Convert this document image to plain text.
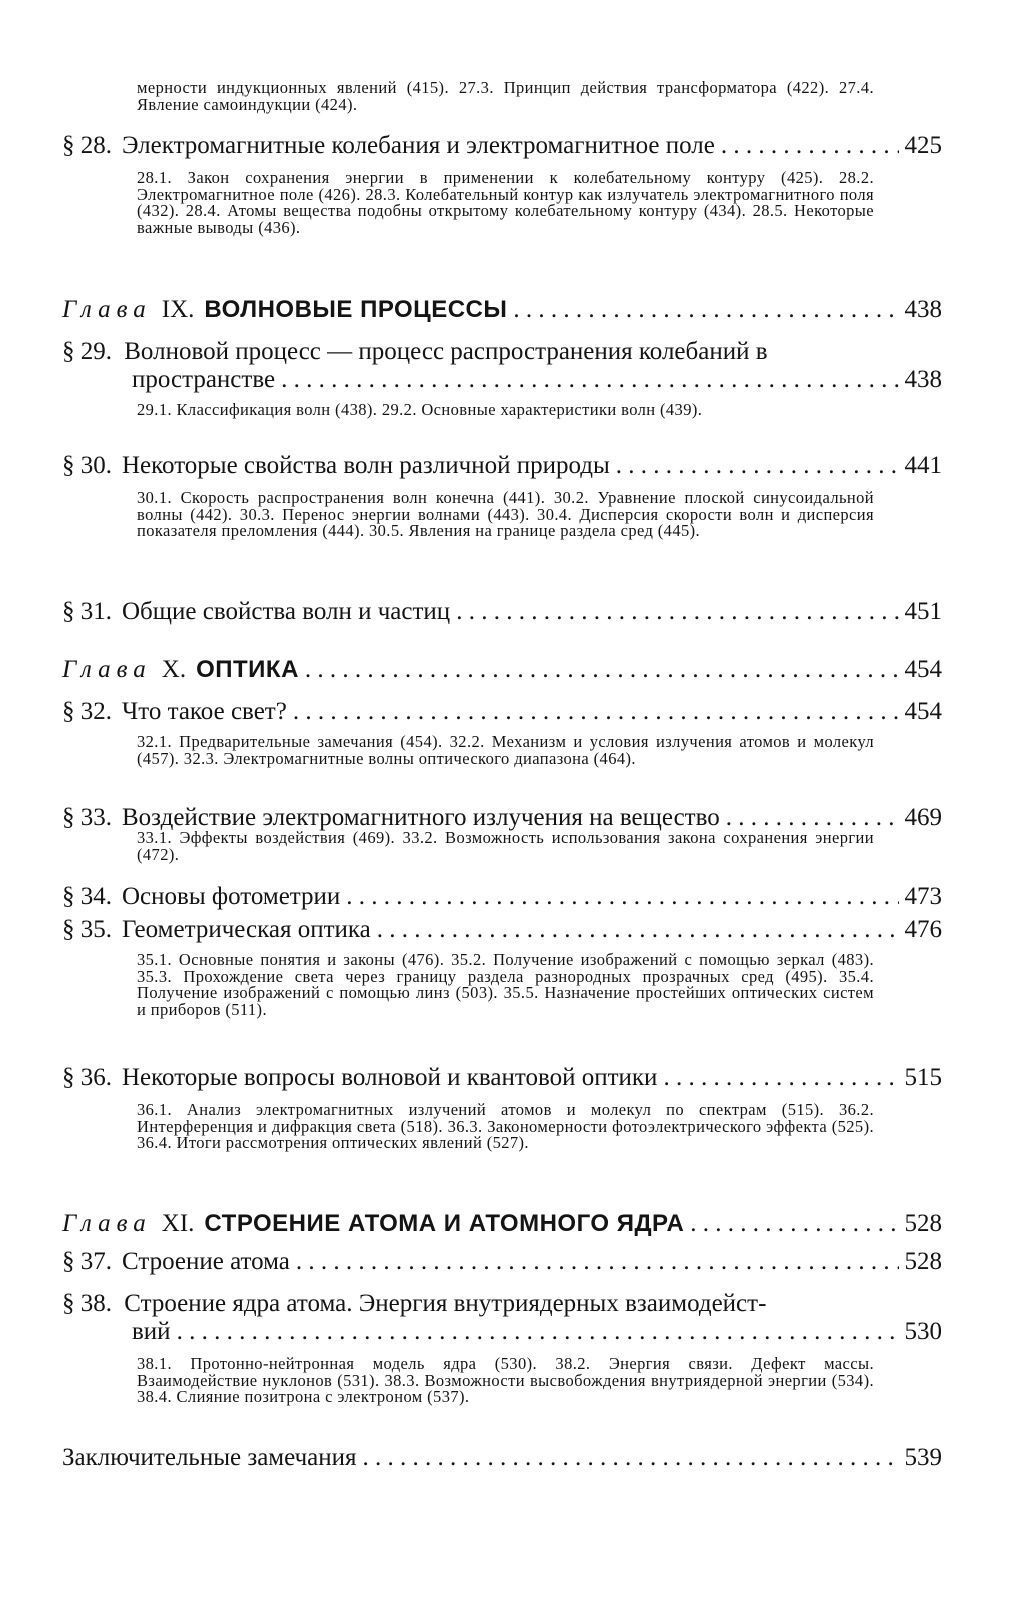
мерности индукционных явлений (415). 27.3. Принцип действия трансформатора (422). 27.4. Явление самоиндукции (424).
§ 28. Электромагнитные колебания и электромагнитное поле . . .	425
28.1. Закон сохранения энергии в применении к колебательному контуру (425). 28.2. Электромагнитное поле (426). 28.3. Колебательный контур как излучатель электромагнитного поля (432). 28.4. Атомы вещества подобны открытому колебательному контуру (434). 28.5. Некоторые важные выводы (436).
Глава IX. ВОЛНОВЫЕ ПРОЦЕССЫ . . .	438
§ 29. Волновой процесс — процесс распространения колебаний в
пространстве . . .	438
29.1. Классификация волн (438). 29.2. Основные характеристики волн (439).
§ 30. Некоторые свойства волн различной природы . . .	441
30.1. Скорость распространения волн конечна (441). 30.2. Уравнение плоской синусоидальной волны (442). 30.3. Перенос энергии волнами (443). 30.4. Дисперсия скорости волн и дисперсия показателя преломления (444). 30.5. Явления на границе раздела сред (445).
§ 31. Общие свойства волн и частиц . . .	451
Глава X. ОПТИКА . . .	454
§ 32. Что такое свет? . . .	454
32.1. Предварительные замечания (454). 32.2. Механизм и условия излучения атомов и молекул (457). 32.3. Электромагнитные волны оптического диапазона (464).
§ 33. Воздействие электромагнитного излучения на вещество . . .	469
33.1. Эффекты воздействия (469). 33.2. Возможность использования закона сохранения энергии (472).
§ 34. Основы фотометрии . . .	473
§ 35. Геометрическая оптика . . .	476
35.1. Основные понятия и законы (476). 35.2. Получение изображений с помощью зеркал (483). 35.3. Прохождение света через границу раздела разнородных прозрачных сред (495). 35.4. Получение изображений с помощью линз (503). 35.5. Назначение простейших оптических систем и приборов (511).
§ 36. Некоторые вопросы волновой и квантовой оптики . . .	515
36.1. Анализ электромагнитных излучений атомов и молекул по спектрам (515). 36.2. Интерференция и дифракция света (518). 36.3. Закономерности фотоэлектрического эффекта (525). 36.4. Итоги рассмотрения оптических явлений (527).
Глава XI. СТРОЕНИЕ АТОМА И АТОМНОГО ЯДРА . . .	528
§ 37. Строение атома . . .	528
§ 38. Строение ядра атома. Энергия внутриядерных взаимодейст-
вий . . .	530
38.1. Протонно-нейтронная модель ядра (530). 38.2. Энергия связи. Дефект массы. Взаимодействие нуклонов (531). 38.3. Возможности высвобождения внутриядерной энергии (534). 38.4. Слияние позитрона с электроном (537).
Заключительные замечания . . .	539
